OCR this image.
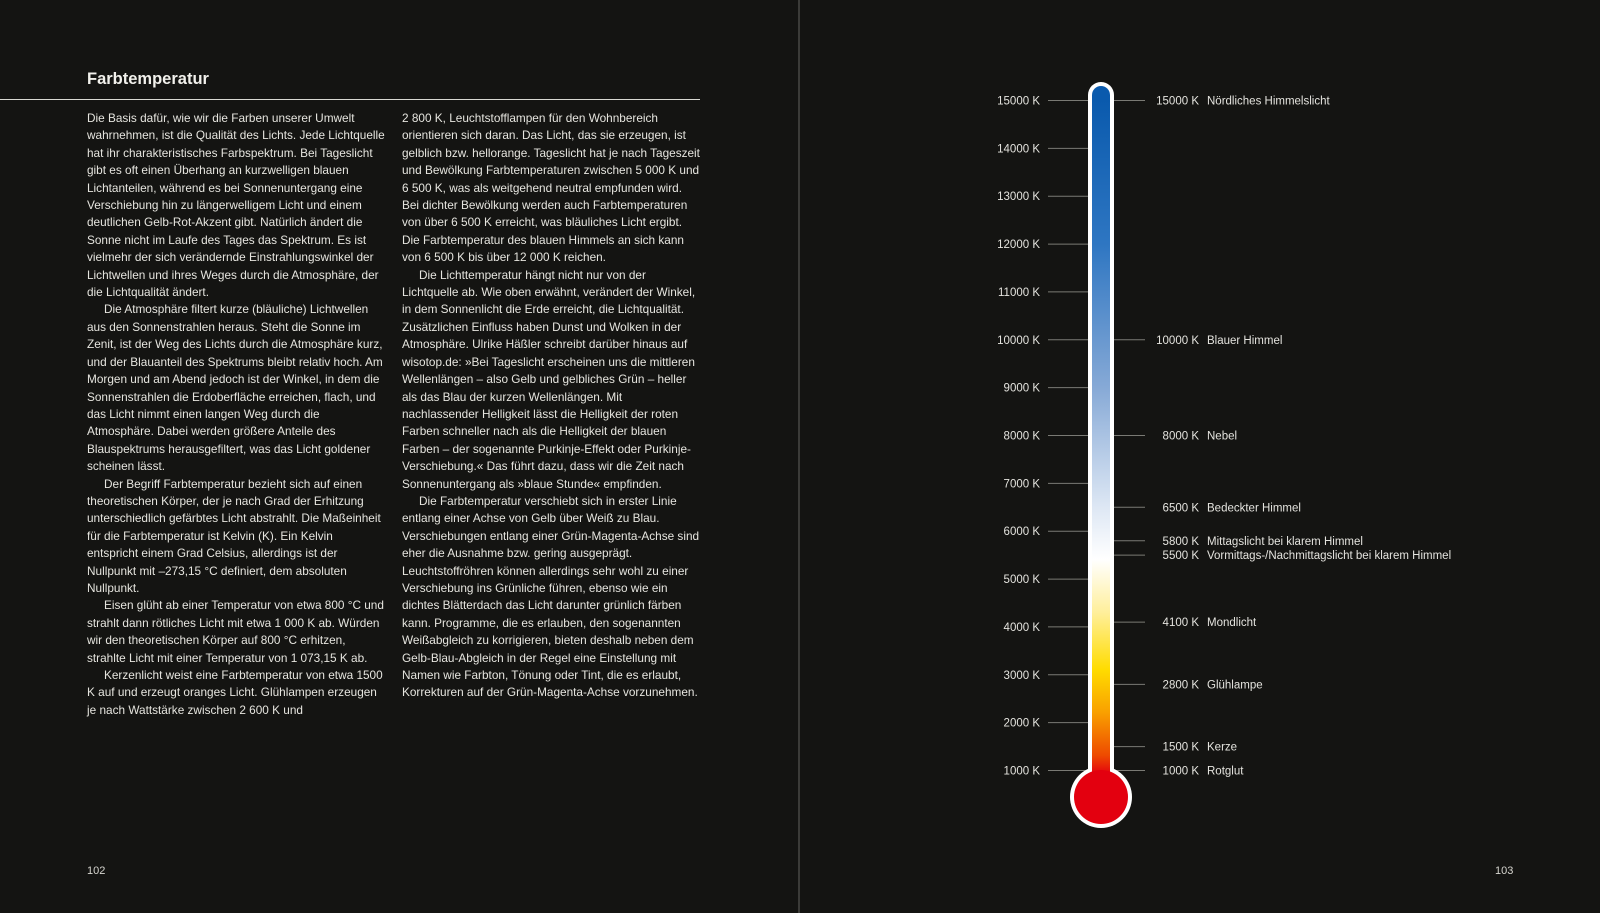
Farbtemperatur

Die Basis dafür, wie wir die Farben unserer Umwelt wahrnehmen, ist die Qualität des Lichts. Jede Lichtquelle hat ihr charakteristisches Farbspektrum. Bei Tageslicht gibt es oft einen Überhang an kurzwelligen blauen Lichtanteilen, während es bei Sonnenuntergang eine Verschiebung hin zu längerwelligem Licht und einem deutlichen Gelb-Rot-Akzent gibt. Natürlich ändert die Sonne nicht im Laufe des Tages das Spektrum. Es ist vielmehr der sich verändernde Einstrahlungswinkel der Lichtwellen und ihres Weges durch die Atmosphäre, der die Lichtqualität ändert.

Die Atmosphäre filtert kurze (bläuliche) Lichtwellen aus den Sonnenstrahlen heraus. Steht die Sonne im Zenit, ist der Weg des Lichts durch die Atmosphäre kurz, und der Blauanteil des Spektrums bleibt relativ hoch. Am Morgen und am Abend jedoch ist der Winkel, in dem die Sonnenstrahlen die Erdoberfläche erreichen, flach, und das Licht nimmt einen langen Weg durch die Atmosphäre. Dabei werden größere Anteile des Blauspektrums herausgefiltert, was das Licht goldener scheinen lässt.

Der Begriff Farbtemperatur bezieht sich auf einen theoretischen Körper, der je nach Grad der Erhitzung unterschiedlich gefärbtes Licht abstrahlt. Die Maßeinheit für die Farbtemperatur ist Kelvin (K). Ein Kelvin entspricht einem Grad Celsius, allerdings ist der Nullpunkt mit –273,15 °C definiert, dem absoluten Nullpunkt.

Eisen glüht ab einer Temperatur von etwa 800 °C und strahlt dann rötliches Licht mit etwa 1 000 K ab. Würden wir den theoretischen Körper auf 800 °C erhitzen, strahlte Licht mit einer Temperatur von 1 073,15 K ab.

Kerzenlicht weist eine Farbtemperatur von etwa 1500 K auf und erzeugt oranges Licht. Glühlampen erzeugen je nach Wattstärke zwischen 2 600 K und

2 800 K, Leuchtstofflampen für den Wohnbereich orientieren sich daran. Das Licht, das sie erzeugen, ist gelblich bzw. hellorange. Tageslicht hat je nach Tageszeit und Bewölkung Farbtemperaturen zwischen 5 000 K und 6 500 K, was als weitgehend neutral empfunden wird. Bei dichter Bewölkung werden auch Farbtemperaturen von über 6 500 K erreicht, was bläuliches Licht ergibt. Die Farbtemperatur des blauen Himmels an sich kann von 6 500 K bis über 12 000 K reichen.

Die Lichttemperatur hängt nicht nur von der Lichtquelle ab. Wie oben erwähnt, verändert der Winkel, in dem Sonnenlicht die Erde erreicht, die Lichtqualität. Zusätzlichen Einfluss haben Dunst und Wolken in der Atmosphäre. Ulrike Häßler schreibt darüber hinaus auf wisotop.de: »Bei Tageslicht erscheinen uns die mittleren Wellenlängen – also Gelb und gelbliches Grün – heller als das Blau der kurzen Wellenlängen. Mit nachlassender Helligkeit lässt die Helligkeit der roten Farben schneller nach als die Helligkeit der blauen Farben – der sogenannte Purkinje-Effekt oder Purkinje-Verschiebung.« Das führt dazu, dass wir die Zeit nach Sonnenuntergang als »blaue Stunde« empfinden.

Die Farbtemperatur verschiebt sich in erster Linie entlang einer Achse von Gelb über Weiß zu Blau. Verschiebungen entlang einer Grün-Magenta-Achse sind eher die Ausnahme bzw. gering ausgeprägt. Leuchtstoffröhren können allerdings sehr wohl zu einer Verschiebung ins Grünliche führen, ebenso wie ein dichtes Blätterdach das Licht darunter grünlich färben kann. Programme, die es erlauben, den sogenannten Weißabgleich zu korrigieren, bieten deshalb neben dem Gelb-Blau-Abgleich in der Regel eine Einstellung mit Namen wie Farbton, Tönung oder Tint, die es erlaubt, Korrekturen auf der Grün-Magenta-Achse vorzunehmen.

102	103
15000 K
14000 K
13000 K
12000 K
11000 K
10000 K
9000 K
8000 K
7000 K
6000 K
5000 K
4000 K
3000 K
2000 K
1000 K
15000 K Nördliches Himmelslicht
10000 K Blauer Himmel
8000 K Nebel
6500 K Bedeckter Himmel
5800 K Mittagslicht bei klarem Himmel
5500 K Vormittags-/Nachmittagslicht bei klarem Himmel
4100 K Mondlicht
2800 K Glühlampe
1500 K Kerze
1000 K Rotglut
